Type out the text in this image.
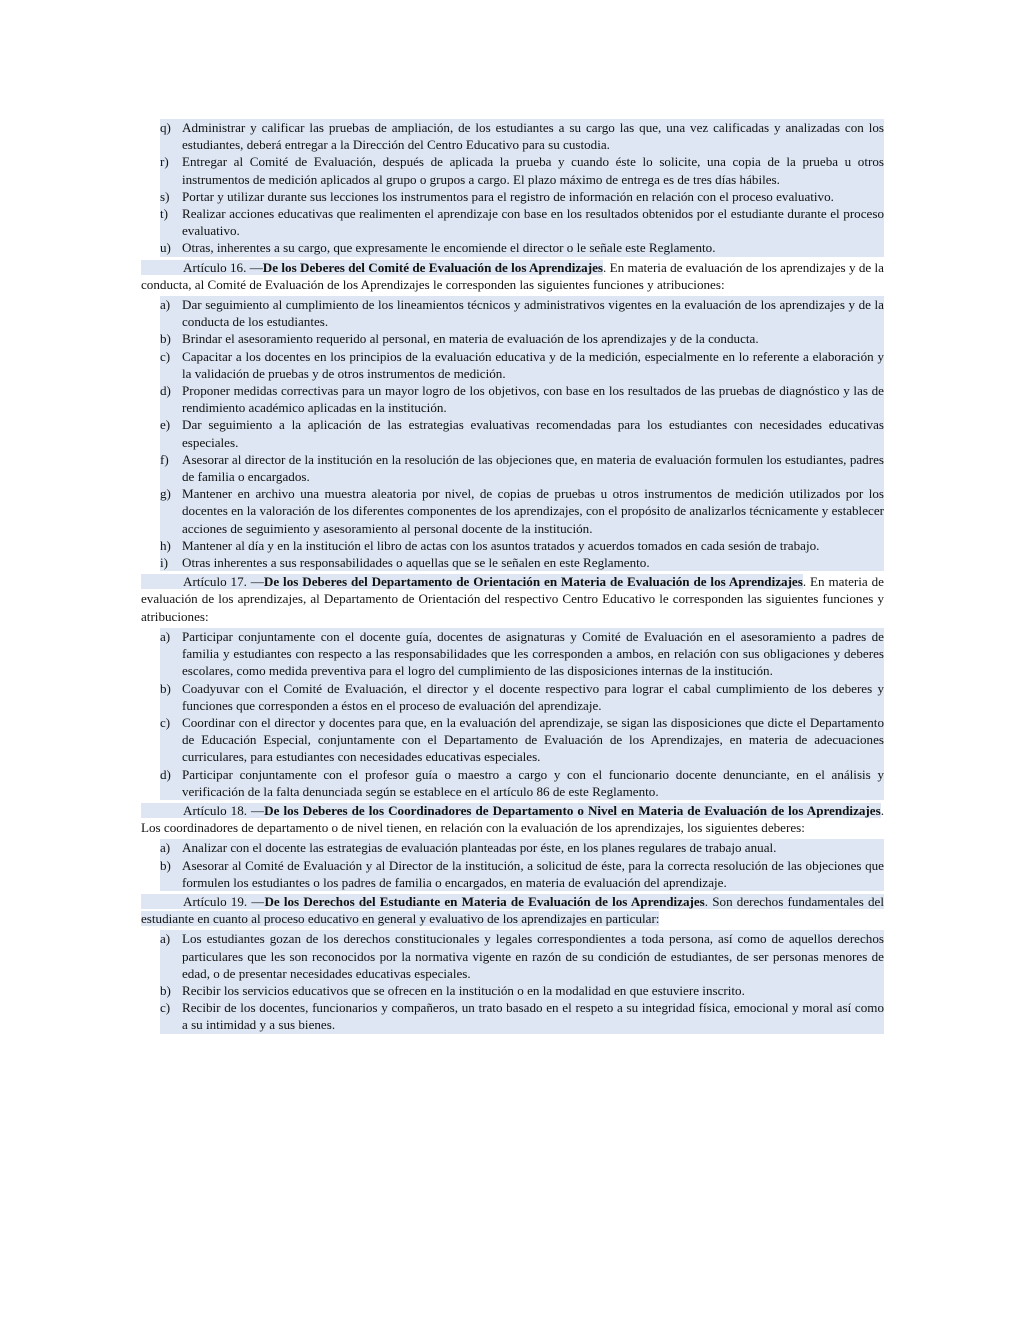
q) Administrar y calificar las pruebas de ampliación, de los estudiantes a su cargo las que, una vez calificadas y analizadas con los estudiantes, deberá entregar a la Dirección del Centro Educativo para su custodia.
r)	Entregar al Comité de Evaluación, después de aplicada la prueba y cuando éste lo solicite, una copia de la prueba u otros instrumentos de medición aplicados al grupo o grupos a cargo. El plazo máximo de entrega es de tres días hábiles.
s) Portar y utilizar durante sus lecciones los instrumentos para el registro de información en relación con el proceso evaluativo.
t)	Realizar acciones educativas que realimenten el aprendizaje con base en los resultados obtenidos por el estudiante durante el proceso evaluativo.
u) Otras, inherentes a su cargo, que expresamente le encomiende el director o le señale este Reglamento.

Artículo 16. —De los Deberes del Comité de Evaluación de los Aprendizajes. En materia de evaluación de los aprendizajes y de la conducta, al Comité de Evaluación de los Aprendizajes le corresponden las siguientes funciones y atribuciones:

a) Dar seguimiento al cumplimiento de los lineamientos técnicos y administrativos vigentes en la evaluación de los aprendizajes y de la conducta de los estudiantes.
b) Brindar el asesoramiento requerido al personal, en materia de evaluación de los aprendizajes y de la conducta.
c) Capacitar a los docentes en los principios de la evaluación educativa y de la medición, especialmente en lo referente a elaboración y la validación de pruebas y de otros instrumentos de medición.
d) Proponer medidas correctivas para un mayor logro de los objetivos, con base en los resultados de las pruebas de diagnóstico y las de rendimiento académico aplicadas en la institución.
e) Dar seguimiento a la aplicación de las estrategias evaluativas recomendadas para los estudiantes con necesidades educativas especiales.
f)	Asesorar al director de la institución en la resolución de las objeciones que, en materia de evaluación formulen los estudiantes, padres de familia o encargados.
g) Mantener en archivo una muestra aleatoria por nivel, de copias de pruebas u otros instrumentos de medición utilizados por los docentes en la valoración de los diferentes componentes de los aprendizajes, con el propósito de analizarlos técnicamente y establecer acciones de seguimiento y asesoramiento al personal docente de la institución.
h) Mantener al día y en la institución el libro de actas con los asuntos tratados y acuerdos tomados en cada sesión de trabajo.
i)	Otras inherentes a sus responsabilidades o aquellas que se le señalen en este Reglamento.

Artículo 17. —De los Deberes del Departamento de Orientación en Materia de Evaluación de los Aprendizajes. En materia de evaluación de los aprendizajes, al Departamento de Orientación del respectivo Centro Educativo le corresponden las siguientes funciones y atribuciones:

a) Participar conjuntamente con el docente guía, docentes de asignaturas y Comité de Evaluación en el asesoramiento a padres de familia y estudiantes con respecto a las responsabilidades que les corresponden a ambos, en relación con sus obligaciones y deberes escolares, como medida preventiva para el logro del cumplimiento de las disposiciones internas de la institución.
b) Coadyuvar con el Comité de Evaluación, el director y el docente respectivo para lograr el cabal cumplimiento de los deberes y funciones que corresponden a éstos en el proceso de evaluación del aprendizaje.
c) Coordinar con el director y docentes para que, en la evaluación del aprendizaje, se sigan las disposiciones que dicte el Departamento de Educación Especial, conjuntamente con el Departamento de Evaluación de los Aprendizajes, en materia de adecuaciones curriculares, para estudiantes con necesidades educativas especiales.
d) Participar conjuntamente con el profesor guía o maestro a cargo y con el funcionario docente denunciante, en el análisis y verificación de la falta denunciada según se establece en el artículo 86 de este Reglamento.

Artículo 18. —De los Deberes de los Coordinadores de Departamento o Nivel en Materia de Evaluación de los Aprendizajes. Los coordinadores de departamento o de nivel tienen, en relación con la evaluación de los aprendizajes, los siguientes deberes:

a) Analizar con el docente las estrategias de evaluación planteadas por éste, en los planes regulares de trabajo anual.
b) Asesorar al Comité de Evaluación y al Director de la institución, a solicitud de éste, para la correcta resolución de las objeciones que formulen los estudiantes o los padres de familia o encargados, en materia de evaluación del aprendizaje.

Artículo 19. —De los Derechos del Estudiante en Materia de Evaluación de los Aprendizajes. Son derechos fundamentales del estudiante en cuanto al proceso educativo en general y evaluativo de los aprendizajes en particular:

a) Los estudiantes gozan de los derechos constitucionales y legales correspondientes a toda persona, así como de aquellos derechos particulares que les son reconocidos por la normativa vigente en razón de su condición de estudiantes, de ser personas menores de edad, o de presentar necesidades educativas especiales.
b) Recibir los servicios educativos que se ofrecen en la institución o en la modalidad en que estuviere inscrito.
c) Recibir de los docentes, funcionarios y compañeros, un trato basado en el respeto a su integridad física, emocional y moral así como a su intimidad y a sus bienes.
